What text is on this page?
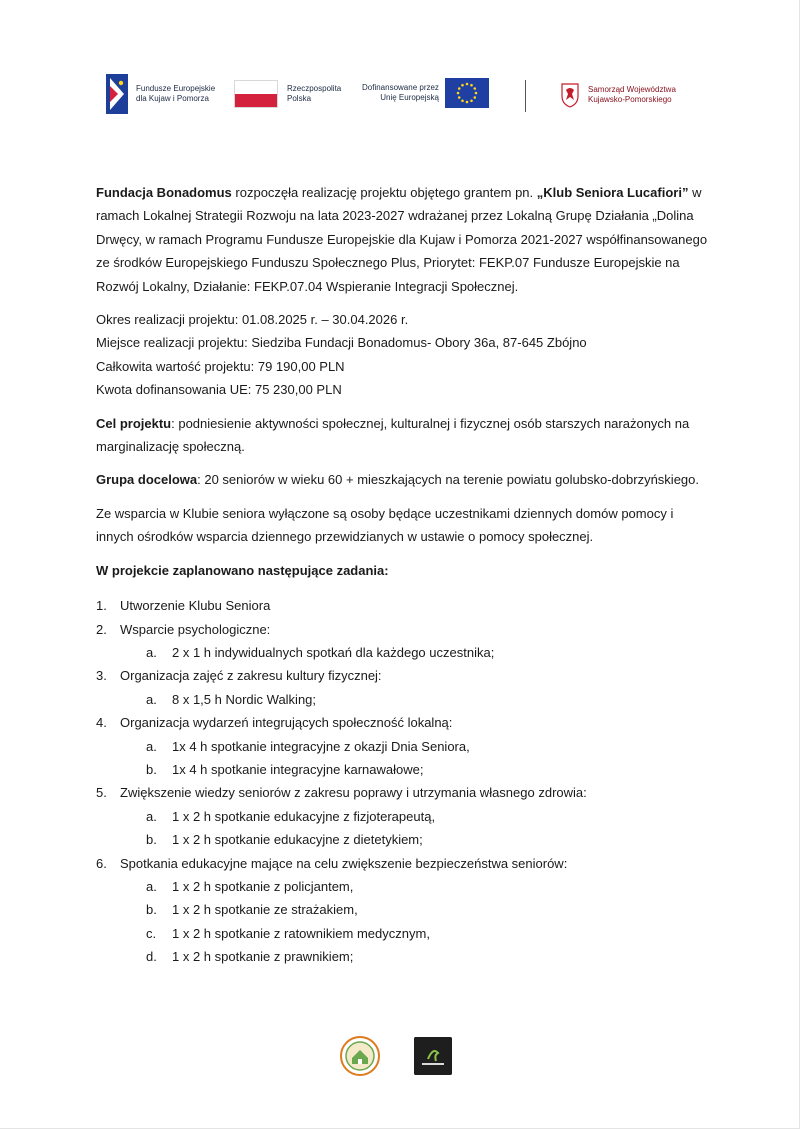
Fundusze Europejskie
dla Kujaw i Pomorza
Rzeczpospolita
Polska
Dofinansowane przez
Unię Europejską
Samorząd Województwa
Kujawsko-Pomorskiego

Fundacja Bonadomus rozpoczęła realizację projektu objętego grantem pn. „Klub Seniora Lucafiori” w ramach Lokalnej Strategii Rozwoju na lata 2023-2027 wdrażanej przez Lokalną Grupę Działania „Dolina Drwęcy, w ramach Programu Fundusze Europejskie dla Kujaw i Pomorza 2021-2027 współfinansowanego ze środków Europejskiego Funduszu Społecznego Plus, Priorytet: FEKP.07 Fundusze Europejskie na Rozwój Lokalny, Działanie: FEKP.07.04 Wspieranie Integracji Społecznej.

Okres realizacji projektu: 01.08.2025 r. – 30.04.2026 r.
Miejsce realizacji projektu: Siedziba Fundacji Bonadomus- Obory 36a, 87-645 Zbójno
Całkowita wartość projektu: 79 190,00 PLN
Kwota dofinansowania UE: 75 230,00 PLN

Cel projektu: podniesienie aktywności społecznej, kulturalnej i fizycznej osób starszych narażonych na marginalizację społeczną.

Grupa docelowa: 20 seniorów w wieku 60 + mieszkających na terenie powiatu golubsko-dobrzyńskiego.

Ze wsparcia w Klubie seniora wyłączone są osoby będące uczestnikami dziennych domów pomocy i innych ośrodków wsparcia dziennego przewidzianych w ustawie o pomocy społecznej.

W projekcie zaplanowano następujące zadania:

1. Utworzenie Klubu Seniora
2. Wsparcie psychologiczne:
a. 2 x 1 h indywidualnych spotkań dla każdego uczestnika;
3. Organizacja zajęć z zakresu kultury fizycznej:
a. 8 x 1,5 h Nordic Walking;
4. Organizacja wydarzeń integrujących społeczność lokalną:
a. 1x 4 h spotkanie integracyjne z okazji Dnia Seniora,
b. 1x 4 h spotkanie integracyjne karnawałowe;
5. Zwiększenie wiedzy seniorów z zakresu poprawy i utrzymania własnego zdrowia:
a. 1 x 2 h spotkanie edukacyjne z fizjoterapeutą,
b. 1 x 2 h spotkanie edukacyjne z dietetykiem;
6. Spotkania edukacyjne mające na celu zwiększenie bezpieczeństwa seniorów:
a. 1 x 2 h spotkanie z policjantem,
b. 1 x 2 h spotkanie ze strażakiem,
c. 1 x 2 h spotkanie z ratownikiem medycznym,
d. 1 x 2 h spotkanie z prawnikiem;
